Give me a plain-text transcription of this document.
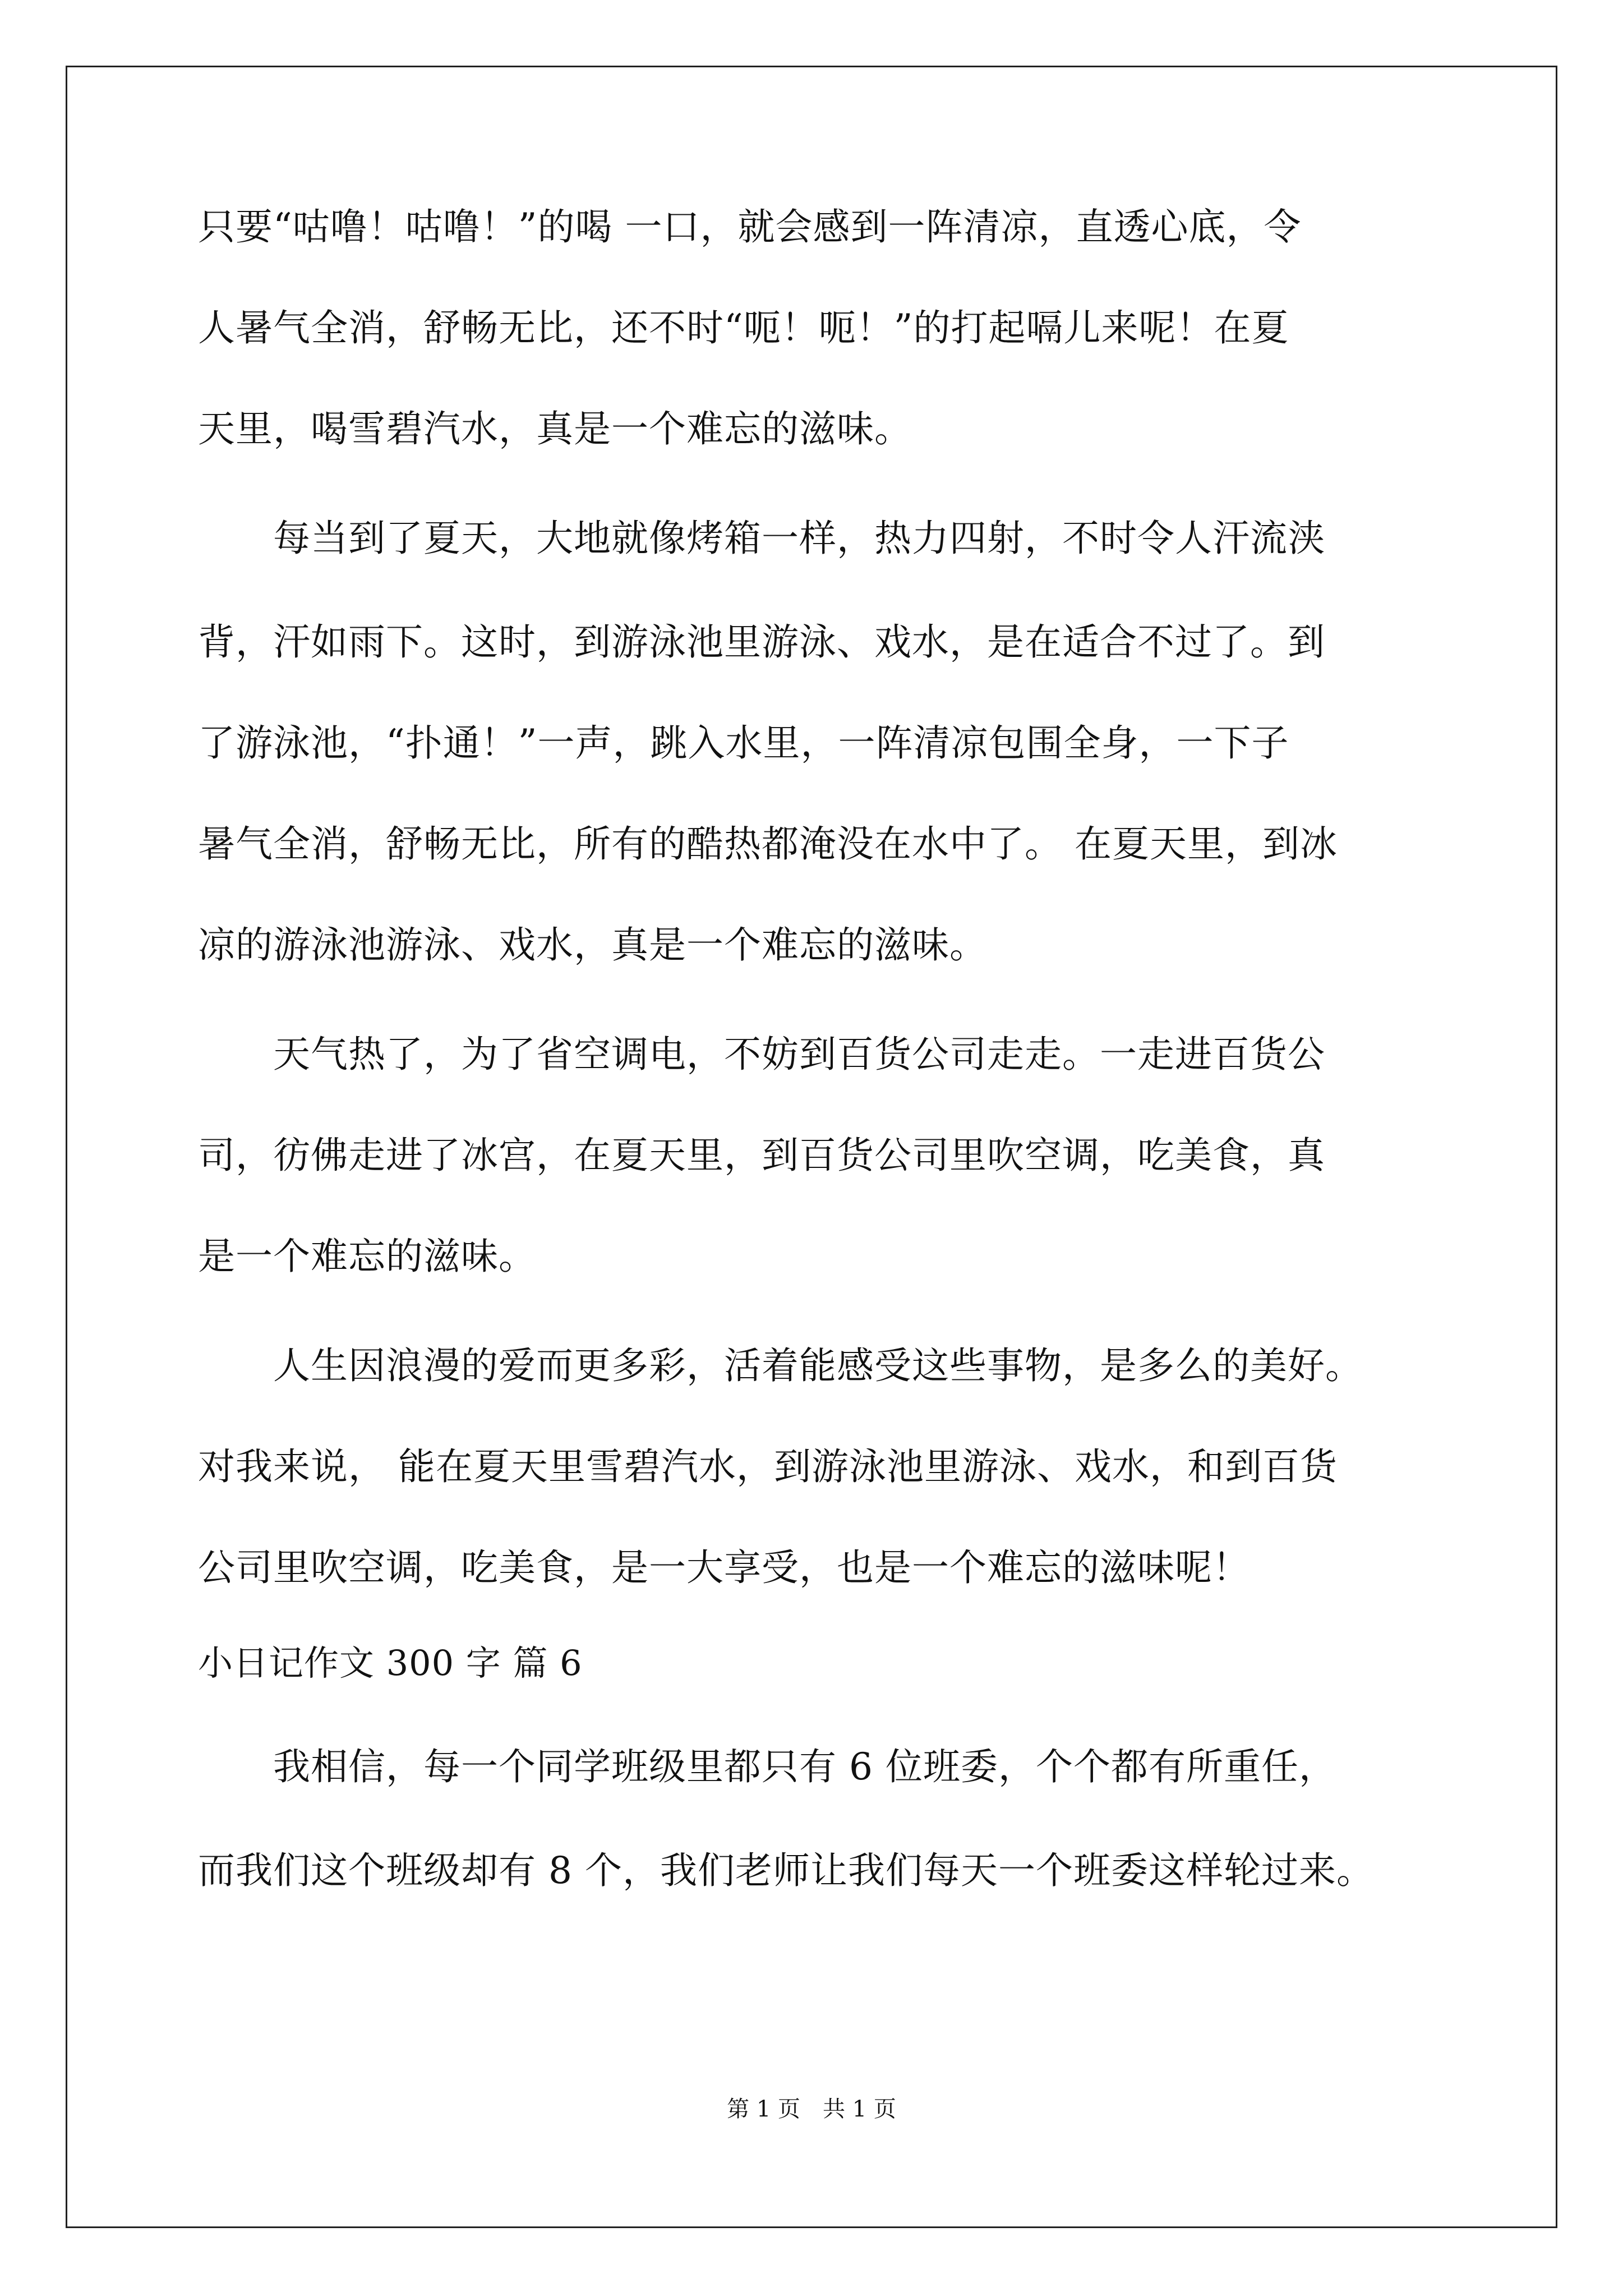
只要“咕噜！咕噜！”的喝 一口，就会感到一阵清凉，直透心底，令
人暑气全消，舒畅无比，还不时“呃！呃！”的打起嗝儿来呢！在夏
天里，喝雪碧汽水，真是一个难忘的滋味。
　　每当到了夏天，大地就像烤箱一样，热力四射，不时令人汗流浃
背，汗如雨下。这时，到游泳池里游泳、戏水，是在适合不过了。到
了游泳池，“扑通！”一声，跳入水里，一阵清凉包围全身，一下子
暑气全消，舒畅无比，所有的酷热都淹没在水中了。 在夏天里，到冰
凉的游泳池游泳、戏水，真是一个难忘的滋味。
　　天气热了，为了省空调电，不妨到百货公司走走。一走进百货公
司，彷佛走进了冰宫，在夏天里，到百货公司里吹空调，吃美食，真
是一个难忘的滋味。
　　人生因浪漫的爱而更多彩，活着能感受这些事物，是多么的美好。
对我来说， 能在夏天里雪碧汽水，到游泳池里游泳、戏水，和到百货
公司里吹空调，吃美食，是一大享受，也是一个难忘的滋味呢！
小日记作文 300 字 篇 6
　　我相信，每一个同学班级里都只有 6 位班委，个个都有所重任，
而我们这个班级却有 8 个，我们老师让我们每天一个班委这样轮过来。
第 1 页　共 1 页
